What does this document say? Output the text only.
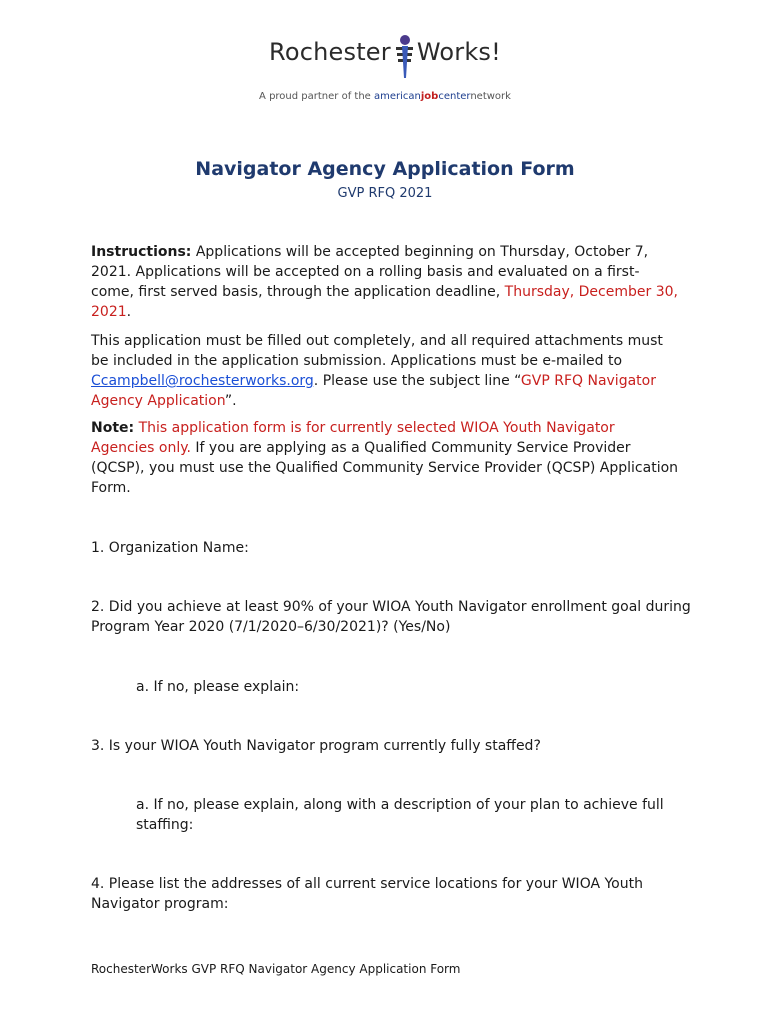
Rochester Works!
A proud partner of the americanjobcenternetwork
Navigator Agency Application Form
GVP RFQ 2021

Instructions: Applications will be accepted beginning on Thursday, October 7, 2021. Applications will be accepted on a rolling basis and evaluated on a first-come, first served basis, through the application deadline, Thursday, December 30, 2021.

This application must be filled out completely, and all required attachments must be included in the application submission. Applications must be e-mailed to Ccampbell@rochesterworks.org. Please use the subject line “GVP RFQ Navigator Agency Application”.

Note: This application form is for currently selected WIOA Youth Navigator Agencies only. If you are applying as a Qualified Community Service Provider (QCSP), you must use the Qualified Community Service Provider (QCSP) Application Form.

1. Organization Name:

2. Did you achieve at least 90% of your WIOA Youth Navigator enrollment goal during Program Year 2020 (7/1/2020–6/30/2021)? (Yes/No)

a. If no, please explain:

3. Is your WIOA Youth Navigator program currently fully staffed?

a. If no, please explain, along with a description of your plan to achieve full staffing:

4. Please list the addresses of all current service locations for your WIOA Youth Navigator program:

RochesterWorks GVP RFQ Navigator Agency Application Form
